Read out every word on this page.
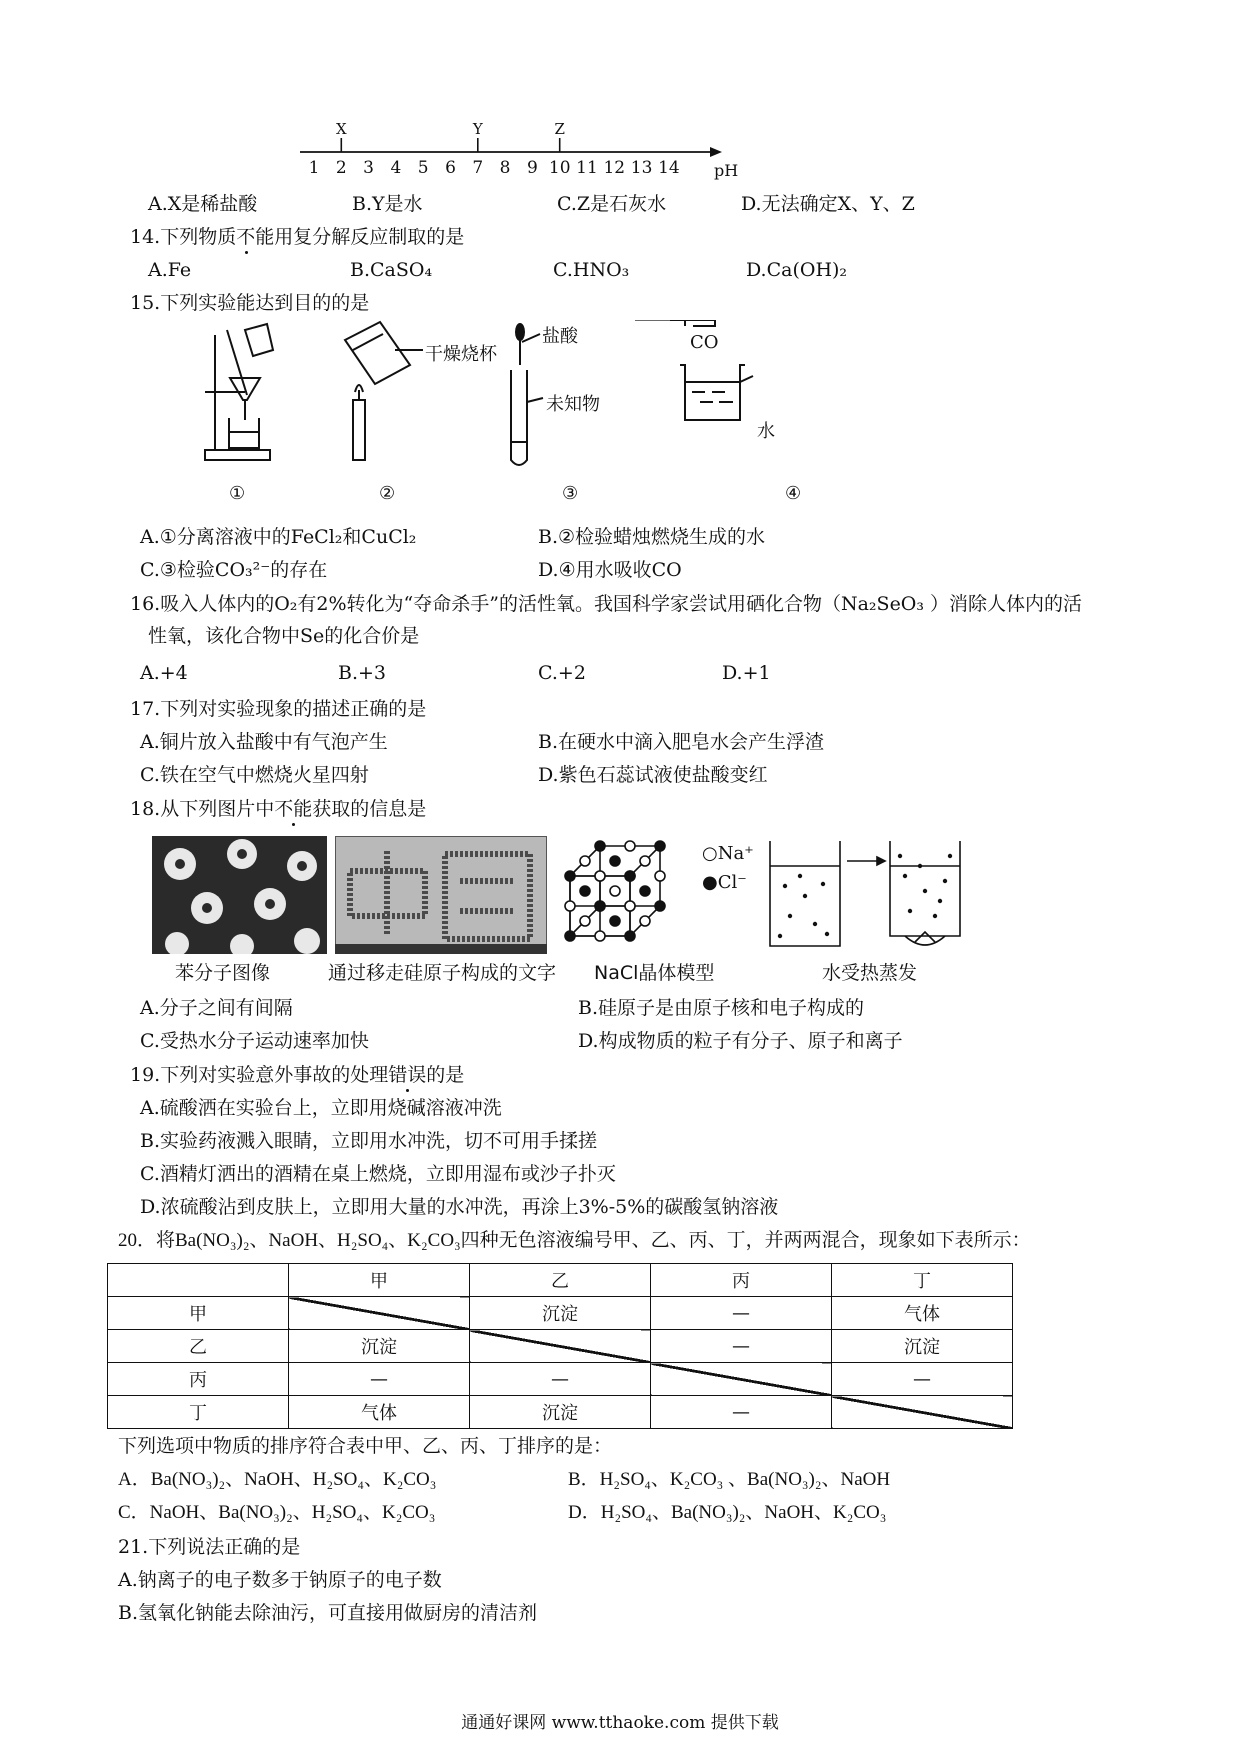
1 2 3 4 5 6 7 8 9 10 11 12 13 14
X	Y	Z
pH
A.X是稀盐酸	B.Y是水	C.Z是石灰水	D.无法确定X、Y、Z
14.下列物质不能用复分解反应制取的是
A.Fe	B.CaSO₄	C.HNO₃	D.Ca(OH)₂
15.下列实验能达到目的的是
干燥烧杯
盐酸
未知物
CO
水
①	②	③	④
A.①分离溶液中的FeCl₂和CuCl₂	B.②检验蜡烛燃烧生成的水
C.③检验CO₃²⁻的存在	D.④用水吸收CO
16.吸入人体内的O₂有2%转化为“夺命杀手”的活性氧。我国科学家尝试用硒化合物（Na₂SeO₃ ）消除人体内的活
性氧，该化合物中Se的化合价是
A.+4	B.+3	C.+2	D.+1
17.下列对实验现象的描述正确的是
A.铜片放入盐酸中有气泡产生	B.在硬水中滴入肥皂水会产生浮渣
C.铁在空气中燃烧火星四射	D.紫色石蕊试液使盐酸变红
18.从下列图片中不能获取的信息是
○Na⁺
●Cl⁻
苯分子图像	通过移走硅原子构成的文字 NaCl晶体模型	水受热蒸发
A.分子之间有间隔	B.硅原子是由原子核和电子构成的
C.受热水分子运动速率加快	D.构成物质的粒子有分子、原子和离子
19.下列对实验意外事故的处理错误的是
A.硫酸洒在实验台上，立即用烧碱溶液冲洗
B.实验药液溅入眼睛，立即用水冲洗，切不可用手揉搓
C.酒精灯洒出的酒精在桌上燃烧，立即用湿布或沙子扑灭
D.浓硫酸沾到皮肤上，立即用大量的水冲洗，再涂上3%-5%的碳酸氢钠溶液
20．将Ba(NO₃)₂、NaOH、H₂SO₄、K₂CO₃四种无色溶液编号甲、乙、丙、丁，并两两混合，现象如下表所示：
	甲	乙	丙	丁
甲		沉淀	—	气体
乙	沉淀		—	沉淀
丙	—	—		—
丁	气体	沉淀	—	
下列选项中物质的排序符合表中甲、乙、丙、丁排序的是：
A．Ba(NO₃)₂、NaOH、H₂SO₄、K₂CO₃	B．H₂SO₄、K₂CO₃ 、Ba(NO₃)₂、NaOH
C．NaOH、Ba(NO₃)₂、H₂SO₄、K₂CO₃	D．H₂SO₄、Ba(NO₃)₂、NaOH、K₂CO₃
21.下列说法正确的是
A.钠离子的电子数多于钠原子的电子数
B.氢氧化钠能去除油污，可直接用做厨房的清洁剂
通通好课网 www.tthaoke.com 提供下载
